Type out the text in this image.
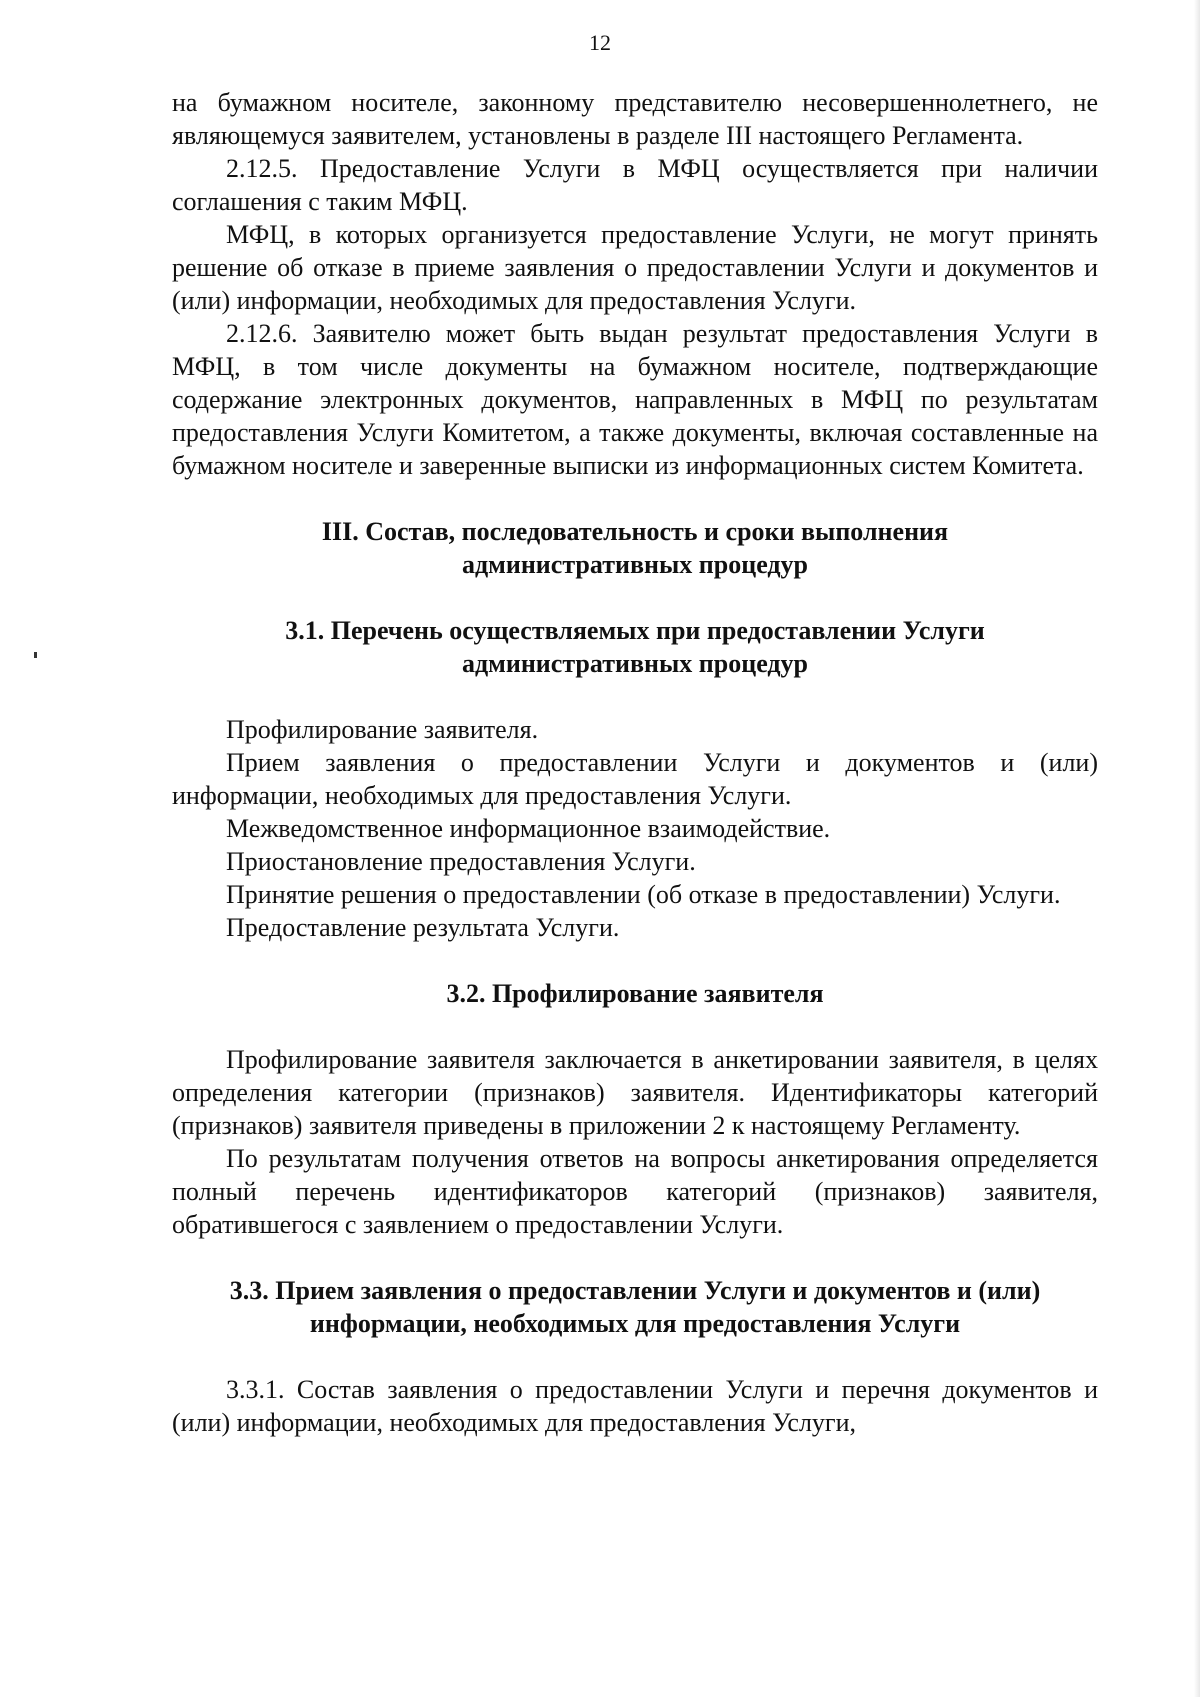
12

на бумажном носителе, законному представителю несовершеннолетнего, не являющемуся заявителем, установлены в разделе III настоящего Регламента.

2.12.5. Предоставление Услуги в МФЦ осуществляется при наличии соглашения с таким МФЦ.

МФЦ, в которых организуется предоставление Услуги, не могут принять решение об отказе в приеме заявления о предоставлении Услуги и документов и (или) информации, необходимых для предоставления Услуги.

2.12.6. Заявителю может быть выдан результат предоставления Услуги в МФЦ, в том числе документы на бумажном носителе, подтверждающие содержание электронных документов, направленных в МФЦ по результатам предоставления Услуги Комитетом, а также документы, включая составленные на бумажном носителе и заверенные выписки из информационных систем Комитета.

III. Состав, последовательность и сроки выполнения
административных процедур
3.1. Перечень осуществляемых при предоставлении Услуги
административных процедур

Профилирование заявителя.

Прием заявления о предоставлении Услуги и документов и (или) информации, необходимых для предоставления Услуги.

Межведомственное информационное взаимодействие.

Приостановление предоставления Услуги.

Принятие решения о предоставлении (об отказе в предоставлении) Услуги.

Предоставление результата Услуги.

3.2. Профилирование заявителя

Профилирование заявителя заключается в анкетировании заявителя, в целях определения категории (признаков) заявителя. Идентификаторы категорий (признаков) заявителя приведены в приложении 2 к настоящему Регламенту.

По результатам получения ответов на вопросы анкетирования определяется полный перечень идентификаторов категорий (признаков) заявителя, обратившегося с заявлением о предоставлении Услуги.

3.3. Прием заявления о предоставлении Услуги и документов и (или)
информации, необходимых для предоставления Услуги

3.3.1. Состав заявления о предоставлении Услуги и перечня документов и (или) информации, необходимых для предоставления Услуги,
